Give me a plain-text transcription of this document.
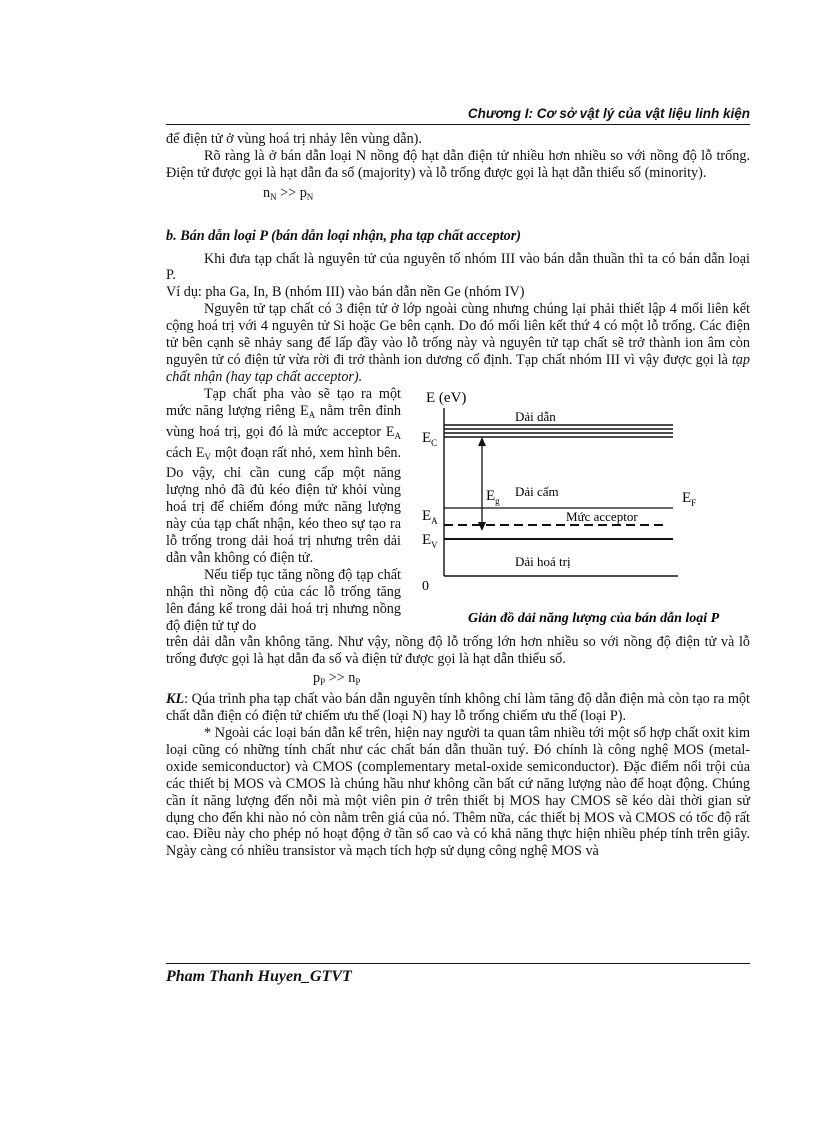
Chương I: Cơ sở vật lý của vật liệu linh kiện

để điện tử ở vùng hoá trị nhảy lên vùng dẫn).

Rõ ràng là ở bán dẫn loại N nồng độ hạt dẫn điện tử nhiều hơn nhiều so với nồng độ lỗ trống. Điện tử được gọi là hạt dẫn đa số (majority) và lỗ trống được gọi là hạt dẫn thiểu số (minority).

$n_N >> p_N$

b. Bán dẫn loại P (bán dẫn loại nhận, pha tạp chất acceptor)

Khi đưa tạp chất là nguyên tử của nguyên tố nhóm III vào bán dẫn thuần thì ta có bán dẫn loại P.

Ví dụ: pha Ga, In, B (nhóm III) vào bán dẫn nền Ge (nhóm IV)

Nguyên tử tạp chất có 3 điện tử ở lớp ngoài cùng nhưng chúng lại phải thiết lập 4 mối liên kết cộng hoá trị với 4 nguyên tử Si hoặc Ge bên cạnh. Do đó mối liên kết thứ 4 có một lỗ trống. Các điện tử bên cạnh sẽ nhảy sang để lấp đầy vào lỗ trống này và nguyên tử tạp chất sẽ trở thành ion âm còn nguyên tử có điện tử vừa rời đi trở thành ion dương cố định. Tạp chất nhóm III vì vậy được gọi là tạp chất nhận (hay tạp chất acceptor).

Tạp chất pha vào sẽ tạo ra một mức năng lượng riêng $E_A$ nằm trên đỉnh vùng hoá trị, gọi đó là mức acceptor $E_A$ cách $E_V$ một đoạn rất nhỏ, xem hình bên. Do vậy, chỉ cần cung cấp một năng lượng nhỏ đã đủ kéo điện tử khỏi vùng hoá trị để chiếm đóng mức năng lượng này của tạp chất nhận, kéo theo sự tạo ra lỗ trống trong dải hoá trị nhưng trên dải dẫn vẫn không có điện tử.

Nếu tiếp tục tăng nồng độ tạp chất nhận thì nồng độ của các lỗ trống tăng lên đáng kể trong dải hoá trị nhưng nồng độ điện tử tự do

E (eV)
Dải dẫn
$E_C$
$E_g$
Dải cấm	$E_F$
$E_A$	Mức acceptor
$E_V$
Dải hoá trị
0
Giản đồ dải năng lượng của bán dẫn loại P

trên dải dẫn vẫn không tăng. Như vậy, nồng độ lỗ trống lớn hơn nhiều so với nồng độ điện tử và lỗ trống được gọi là hạt dẫn đa số và điện tử được gọi là hạt dẫn thiểu số.

$p_P >> n_P$

KL: Qúa trình pha tạp chất vào bán dẫn nguyên tính không chỉ làm tăng độ dẫn điện mà còn tạo ra một chất dẫn điện có điện tử chiếm ưu thế (loại N) hay lỗ trống chiếm ưu thế (loại P).

* Ngoài các loại bán dẫn kể trên, hiện nay người ta quan tâm nhiều tới một số hợp chất oxit kim loại cũng có những tính chất như các chất bán dẫn thuần tuý. Đó chính là công nghệ MOS (metal-oxide semiconductor) và CMOS (complementary metal-oxide semiconductor). Đặc điểm nổi trội của các thiết bị MOS và CMOS là chúng hầu như không cần bất cứ năng lượng nào để hoạt động. Chúng cần ít năng lượng đến nỗi mà một viên pin ở trên thiết bị MOS hay CMOS sẽ kéo dài thời gian sử dụng cho đến khi nào nó còn nằm trên giá của nó. Thêm nữa, các thiết bị MOS và CMOS có tốc độ rất cao. Điều này cho phép nó hoạt động ở tần số cao và có khả năng thực hiện nhiều phép tính trên giây. Ngày càng có nhiều transistor và mạch tích hợp sử dụng công nghệ MOS và

Pham Thanh Huyen_GTVT
